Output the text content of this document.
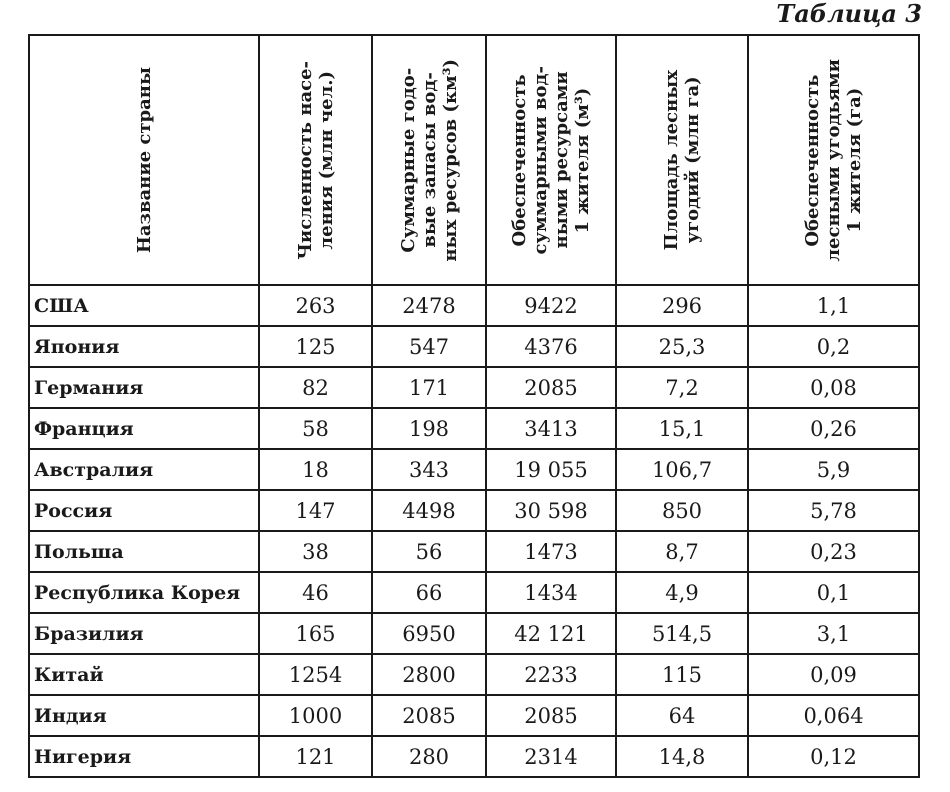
Таблица 3
Название страны	Численность насе-
ления (млн чел.)	Суммарные годо-
вые запасы вод-
ных ресурсов (км³)	Обеспеченность
суммарными вод-
ными ресурсами
1 жителя (м³)	Площадь лесных
угодий (млн га)	Обеспеченность
лесными угодьями
1 жителя (га)

США	263	2478	9422	296	1,1
Япония	125	547	4376	25,3	0,2
Германия	82	171	2085	7,2	0,08
Франция	58	198	3413	15,1	0,26
Австралия	18	343	19 055	106,7	5,9
Россия	147	4498	30 598	850	5,78
Польша	38	56	1473	8,7	0,23
Республика Корея	46	66	1434	4,9	0,1
Бразилия	165	6950	42 121	514,5	3,1
Китай	1254	2800	2233	115	0,09
Индия	1000	2085	2085	64	0,064
Нигерия	121	280	2314	14,8	0,12
